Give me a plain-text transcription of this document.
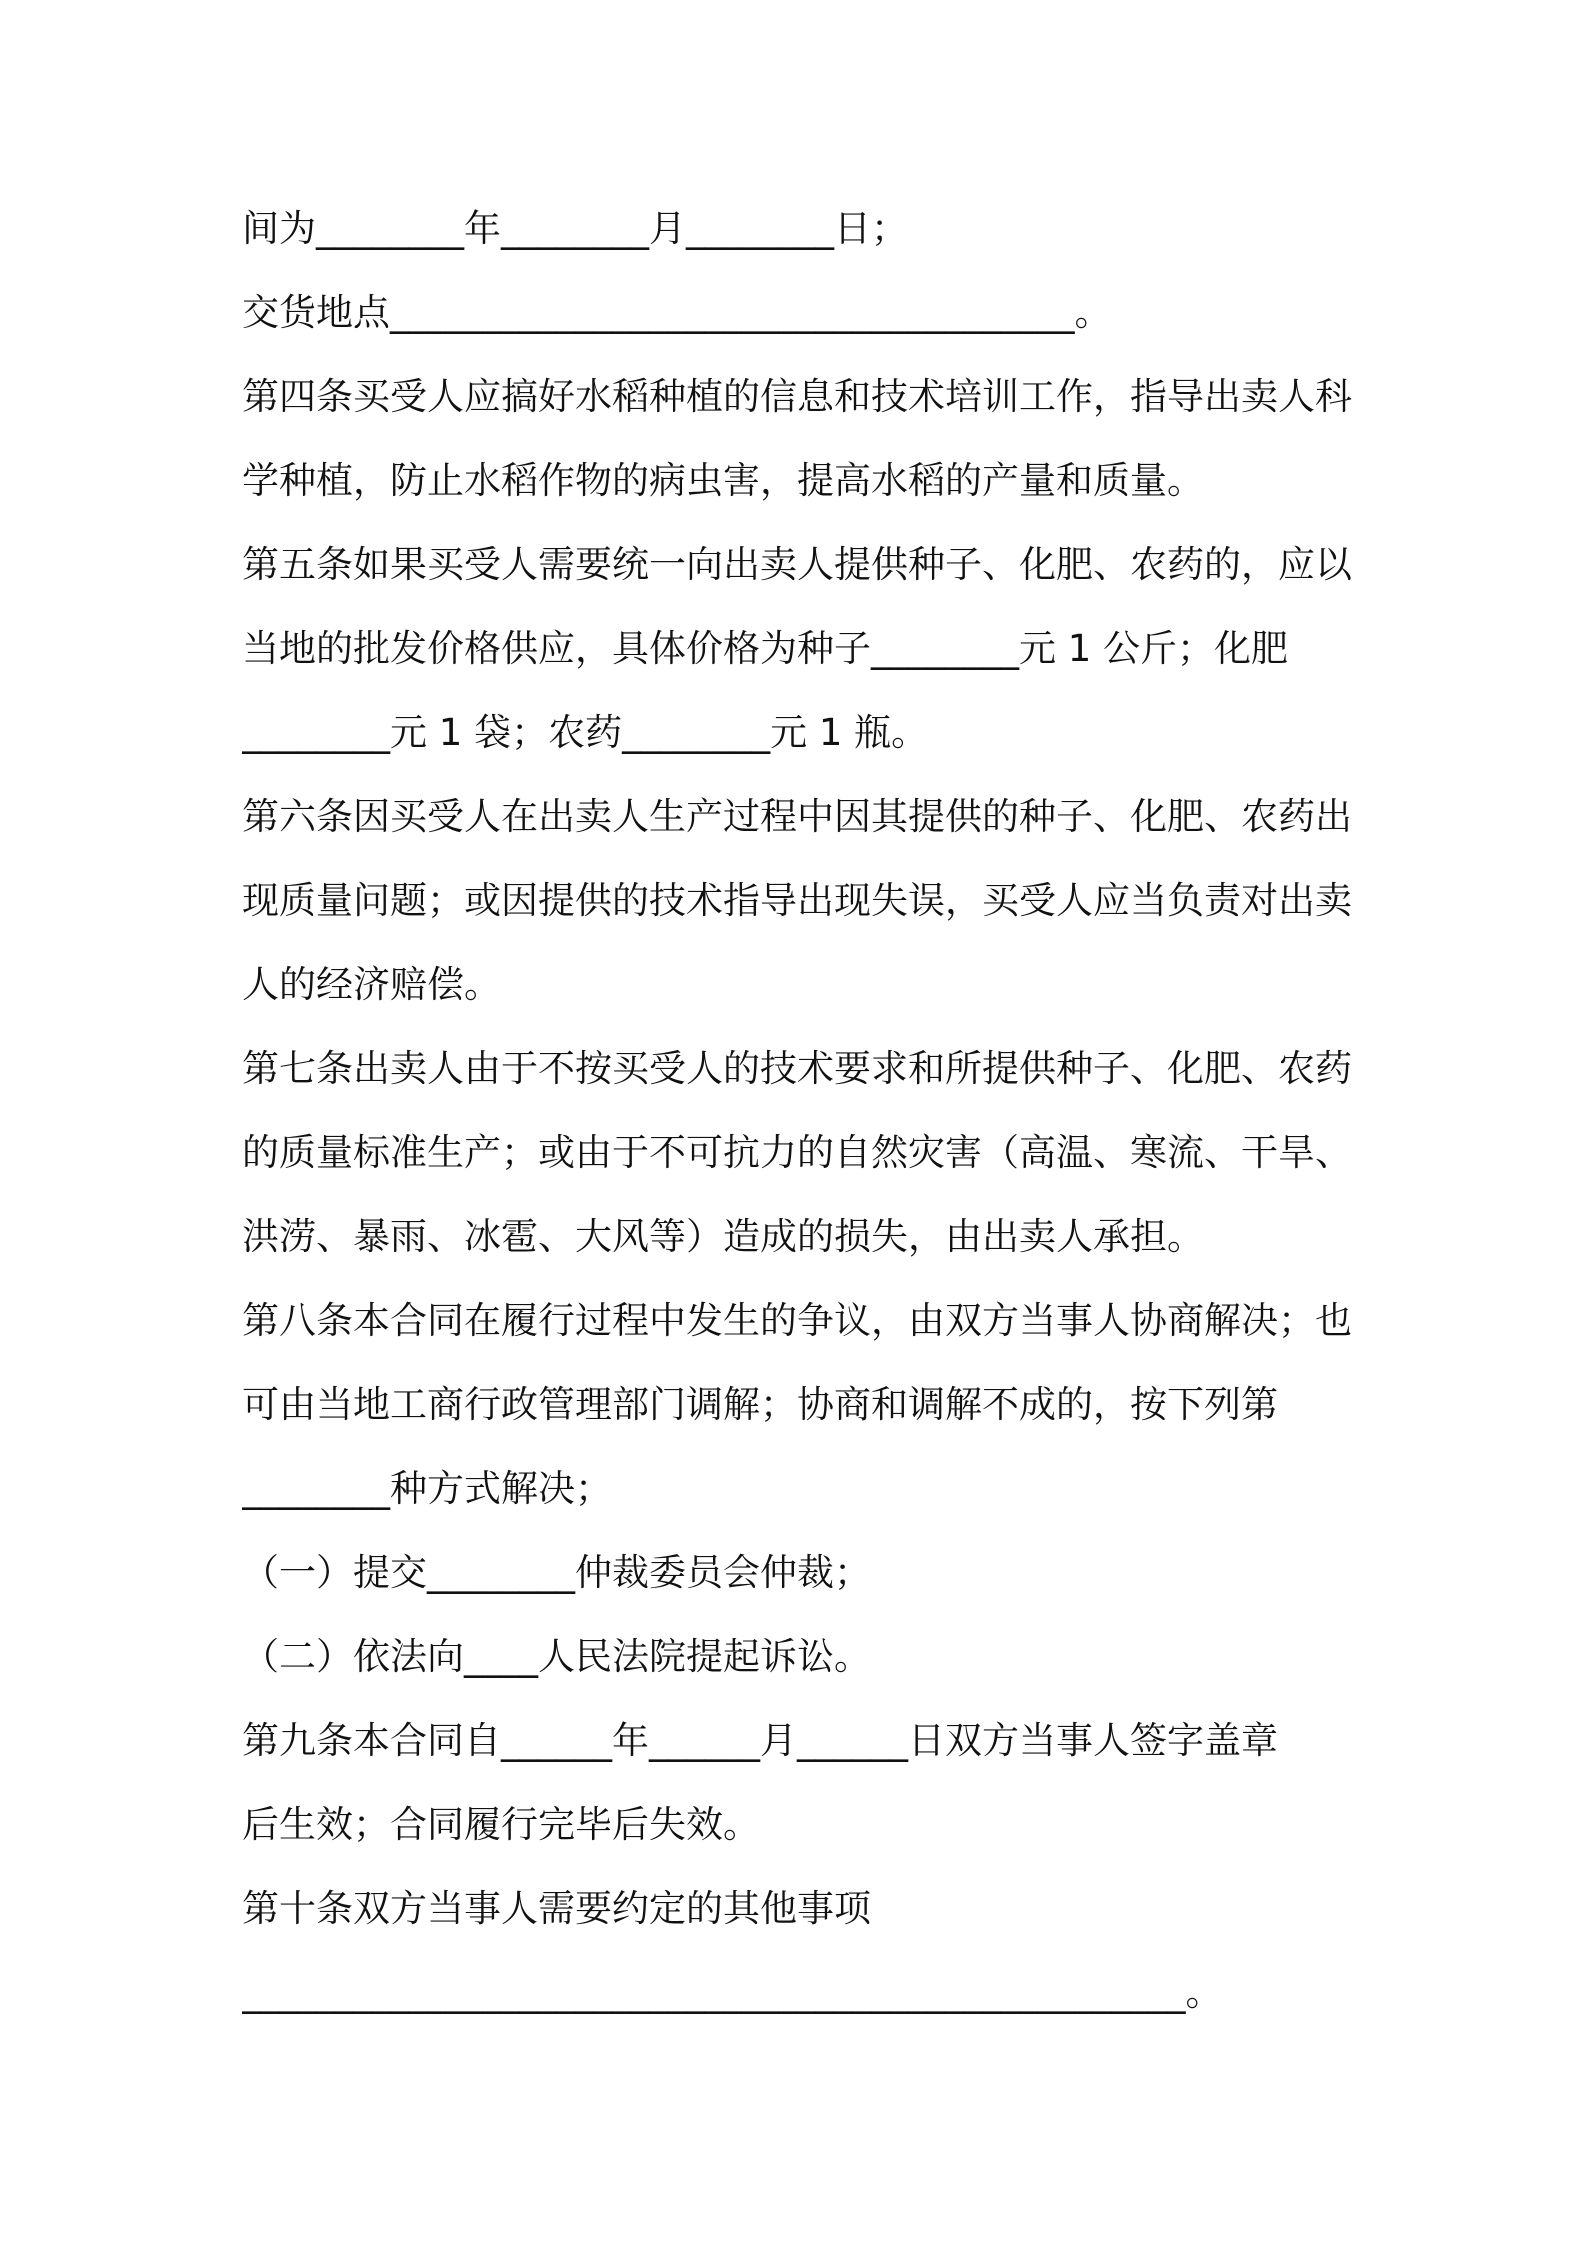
间为________年________月________日；
交货地点_____________________________________。
第四条买受人应搞好水稻种植的信息和技术培训工作，指导出卖人科
学种植，防止水稻作物的病虫害，提高水稻的产量和质量。
第五条如果买受人需要统一向出卖人提供种子、化肥、农药的，应以
当地的批发价格供应，具体价格为种子________元 1 公斤；化肥
________元 1 袋；农药________元 1 瓶。
第六条因买受人在出卖人生产过程中因其提供的种子、化肥、农药出
现质量问题；或因提供的技术指导出现失误，买受人应当负责对出卖
人的经济赔偿。
第七条出卖人由于不按买受人的技术要求和所提供种子、化肥、农药
的质量标准生产；或由于不可抗力的自然灾害（高温、寒流、干旱、
洪涝、暴雨、冰雹、大风等）造成的损失，由出卖人承担。
第八条本合同在履行过程中发生的争议，由双方当事人协商解决；也
可由当地工商行政管理部门调解；协商和调解不成的，按下列第
________种方式解决；
（一）提交________仲裁委员会仲裁；
（二）依法向____人民法院提起诉讼。
第九条本合同自______年______月______日双方当事人签字盖章
后生效；合同履行完毕后失效。
第十条双方当事人需要约定的其他事项
___________________________________________________。
